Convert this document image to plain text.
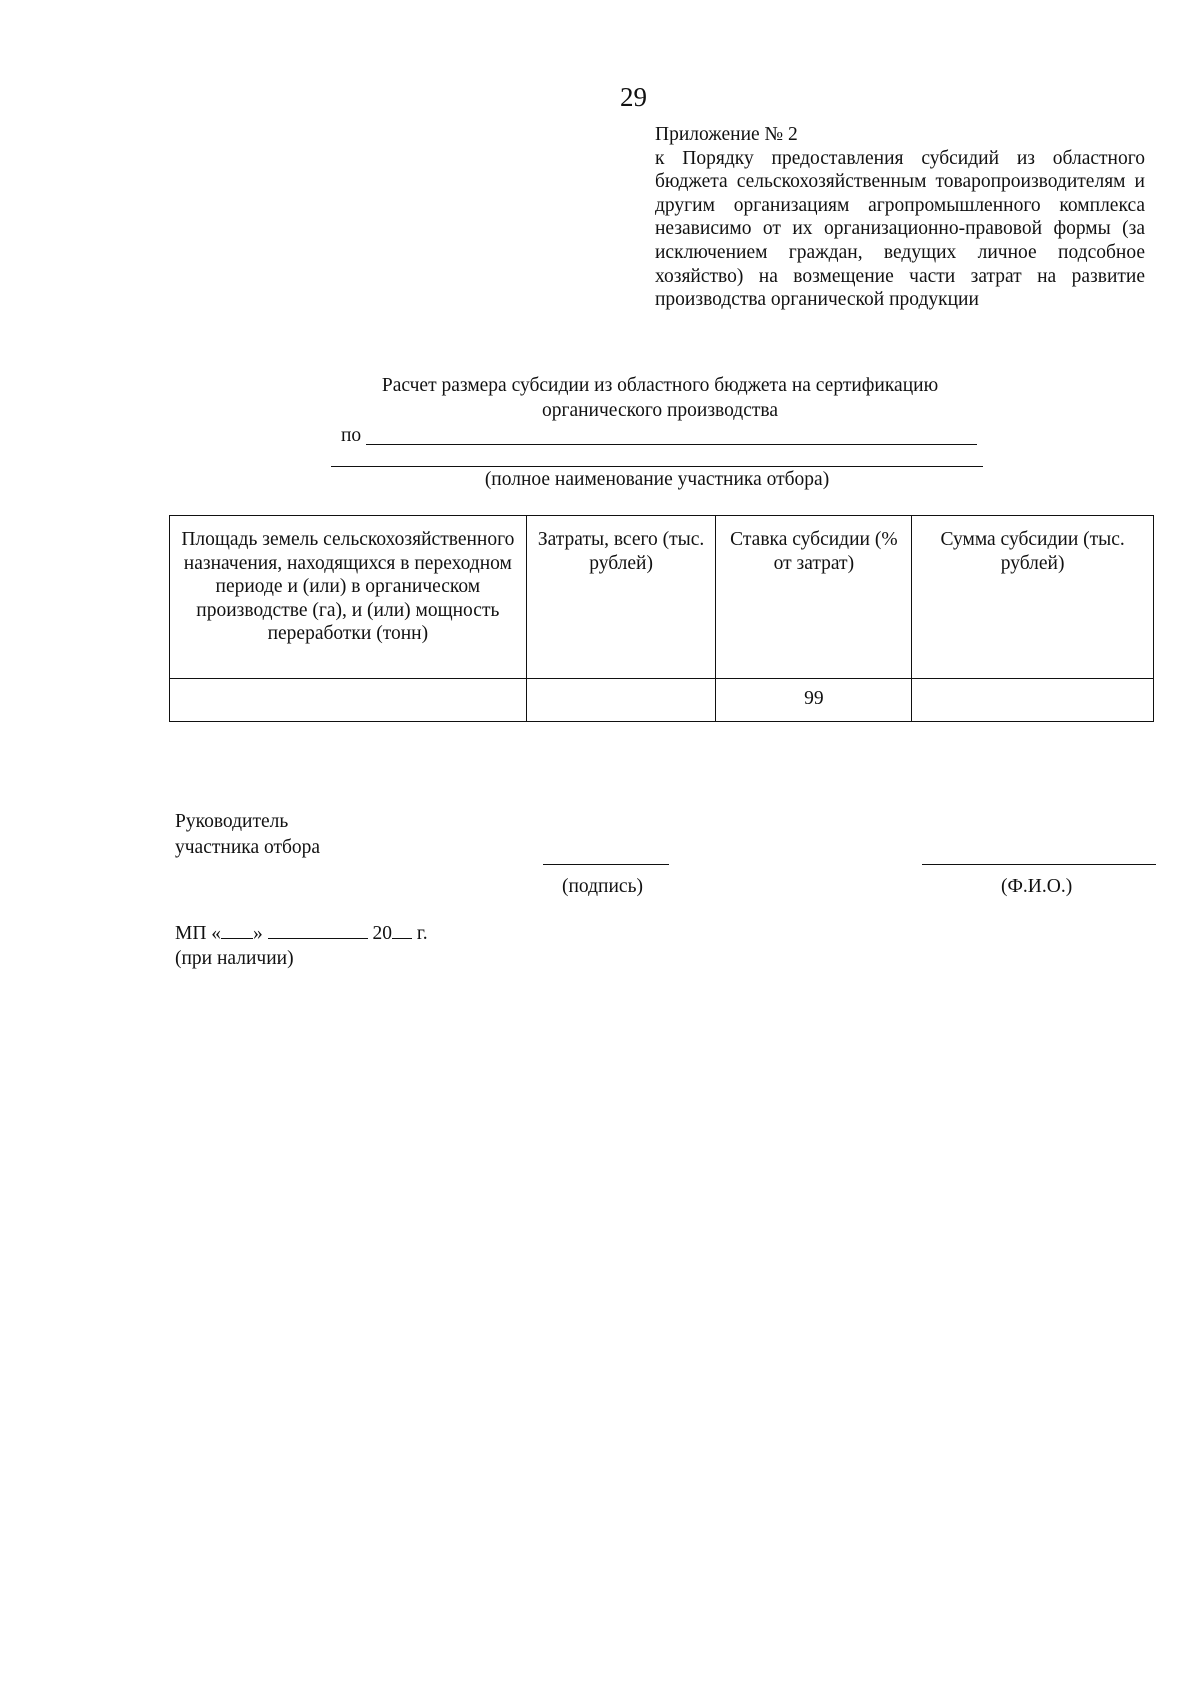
29
Приложение № 2
к Порядку предоставления субсидий из областного бюджета сельскохозяйственным товаропроизводителям и другим организациям агропромышленного комплекса независимо от их организационно-правовой формы (за исключением граждан, ведущих личное подсобное хозяйство) на возмещение части затрат на развитие производства органической продукции
Расчет размера субсидии из областного бюджета на сертификацию
органического производства
по
(полное наименование участника отбора)
Площадь земель сельскохозяйственного назначения, находящихся в переходном периоде и (или) в органическом производстве (га), и (или) мощность переработки (тонн)	Затраты, всего (тыс. рублей)	Ставка субсидии (% от затрат)	Сумма субсидии (тыс. рублей)
		99	
Руководитель
участника отбора
(подпись)	(Ф.И.О.)
МП « »	20 г.
(при наличии)
